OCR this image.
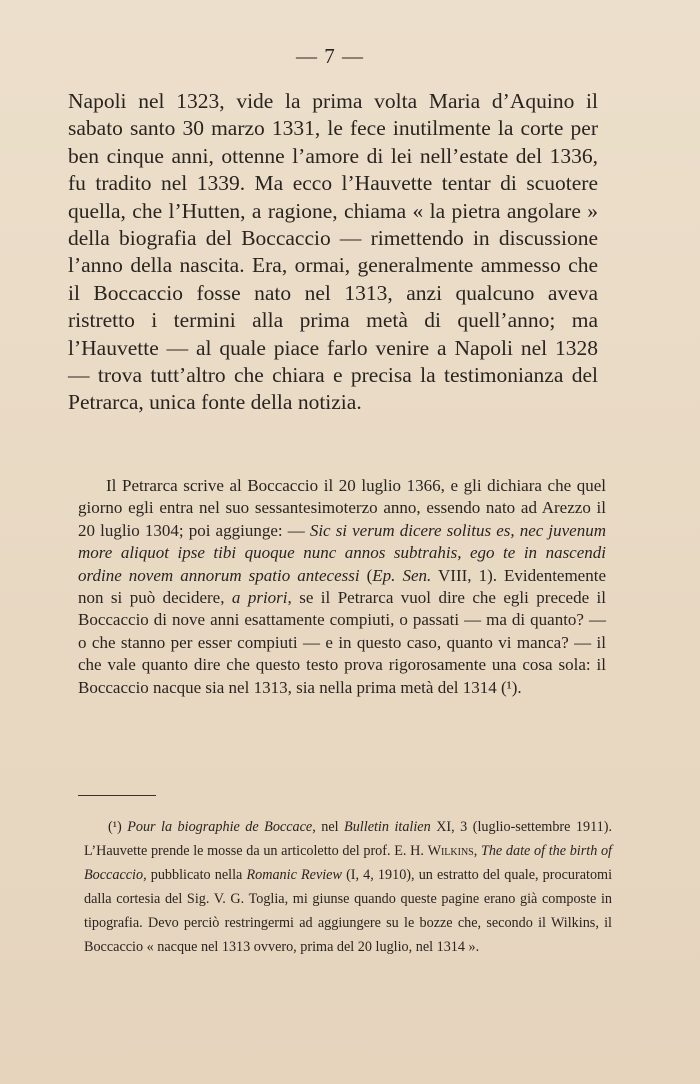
— 7 —

Napoli nel 1323, vide la prima volta Maria d’Aquino il sabato santo 30 marzo 1331, le fece inutilmente la corte per ben cinque anni, ottenne l’amore di lei nell’estate del 1336, fu tradito nel 1339. Ma ecco l’Hauvette tentar di scuotere quella, che l’Hutten, a ragione, chiama « la pietra angolare » della biografia del Boccaccio — rimettendo in discussione l’anno della nascita. Era, ormai, generalmente ammesso che il Boccaccio fosse nato nel 1313, anzi qualcuno aveva ristretto i termini alla prima metà di quell’anno; ma l’Hauvette — al quale piace farlo venire a Napoli nel 1328 — trova tutt’altro che chiara e precisa la testimonianza del Petrarca, unica fonte della notizia.

Il Petrarca scrive al Boccaccio il 20 luglio 1366, e gli dichiara che quel giorno egli entra nel suo sessantesimoterzo anno, essendo nato ad Arezzo il 20 luglio 1304; poi aggiunge: — Sic si verum dicere solitus es, nec juvenum more aliquot ipse tibi quoque nunc annos subtrahis, ego te in nascendi ordine novem annorum spatio antecessi (Ep. Sen. VIII, 1). Evidentemente non si può decidere, a priori, se il Petrarca vuol dire che egli precede il Boccaccio di nove anni esattamente compiuti, o passati — ma di quanto? — o che stanno per esser compiuti — e in questo caso, quanto vi manca? — il che vale quanto dire che questo testo prova rigorosamente una cosa sola: il Boccaccio nacque sia nel 1313, sia nella prima metà del 1314 (¹).

(¹) Pour la biographie de Boccace, nel Bulletin italien XI, 3 (luglio-settembre 1911). L’Hauvette prende le mosse da un articoletto del prof. E. H. Wilkins, The date of the birth of Boccaccio, pubblicato nella Romanic Review (I, 4, 1910), un estratto del quale, procuratomi dalla cortesia del Sig. V. G. Toglia, mi giunse quando queste pagine erano già composte in tipografia. Devo perciò restringermi ad aggiungere su le bozze che, secondo il Wilkins, il Boccaccio « nacque nel 1313 ovvero, prima del 20 luglio, nel 1314 ».
